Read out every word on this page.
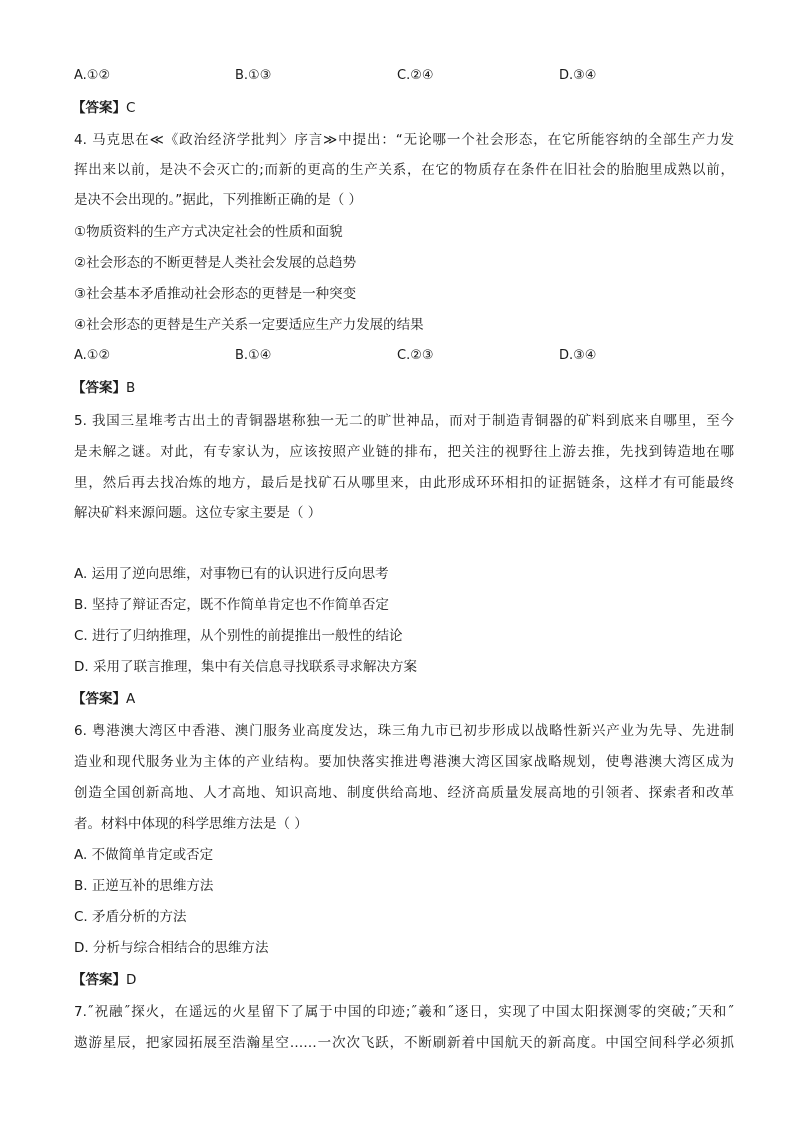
A.①②	B.①③	C.②④	D.③④
【答案】C
4. 马克思在≪《政治经济学批判〉序言≫中提出：“无论哪一个社会形态，在它所能容纳的全部生产力发
挥出来以前，是决不会灭亡的;而新的更高的生产关系，在它的物质存在条件在旧社会的胎胞里成熟以前，
是决不会出现的。”据此，下列推断正确的是（ ）
①物质资料的生产方式决定社会的性质和面貌
②社会形态的不断更替是人类社会发展的总趋势
③社会基本矛盾推动社会形态的更替是一种突变
④社会形态的更替是生产关系一定要适应生产力发展的结果
A.①②	B.①④	C.②③	D.③④
【答案】B
5. 我国三星堆考古出土的青铜器堪称独一无二的旷世神品，而对于制造青铜器的矿料到底来自哪里，至今
是未解之谜。对此，有专家认为，应该按照产业链的排布，把关注的视野往上游去推，先找到铸造地在哪
里，然后再去找冶炼的地方，最后是找矿石从哪里来，由此形成环环相扣的证据链条，这样才有可能最终
解决矿料来源问题。这位专家主要是（ ）
A. 运用了逆向思维，对事物已有的认识进行反向思考
B. 坚持了辩证否定，既不作简单肯定也不作简单否定
C. 进行了归纳推理，从个别性的前提推出一般性的结论
D. 采用了联言推理，集中有关信息寻找联系寻求解决方案
【答案】A
6. 粤港澳大湾区中香港、澳门服务业高度发达，珠三角九市已初步形成以战略性新兴产业为先导、先进制
造业和现代服务业为主体的产业结构。要加快落实推进粤港澳大湾区国家战略规划，使粤港澳大湾区成为
创造全国创新高地、人才高地、知识高地、制度供给高地、经济高质量发展高地的引领者、探索者和改革
者。材料中体现的科学思维方法是（ ）
A. 不做简单肯定或否定
B. 正逆互补的思维方法
C. 矛盾分析的方法
D. 分析与综合相结合的思维方法
【答案】D
7.˝祝融˝探火，在遥远的火星留下了属于中国的印迹;˝羲和˝逐日，实现了中国太阳探测零的突破;˝天和˝
遨游星辰，把家园拓展至浩瀚星空……一次次飞跃，不断刷新着中国航天的新高度。中国空间科学必须抓
